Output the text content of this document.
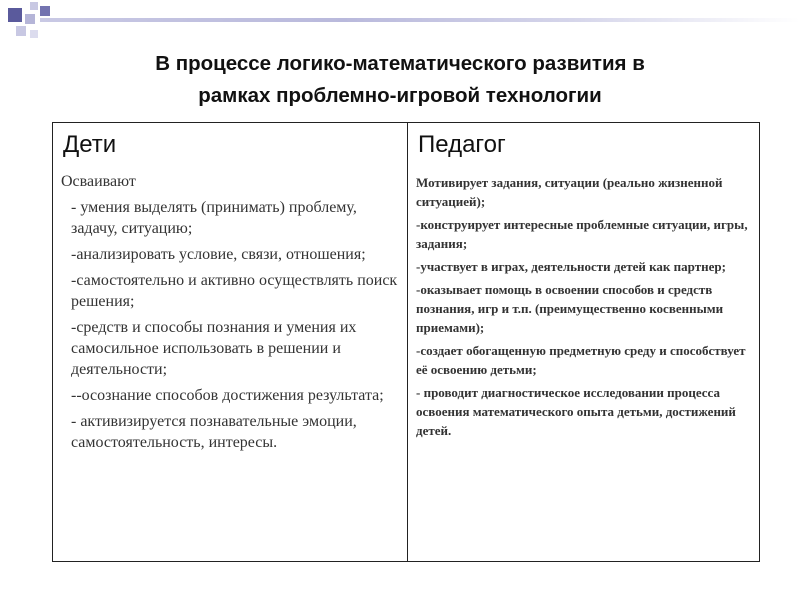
В процессе логико-математического развития в
рамках проблемно-игровой технологии
Дети
Осваивают
- умения выделять (принимать) проблему, задачу, ситуацию;
-анализировать условие, связи, отношения;
-самостоятельно и активно осуществлять поиск решения;
-средств и способы познания и умения их самосильное использовать в решении и деятельности;
--осознание способов достижения результата;
- активизируется познавательные эмоции, самостоятельность, интересы.
Педагог
Мотивирует задания, ситуации (реально жизненной ситуацией);
-конструирует интересные проблемные ситуации, игры, задания;
-участвует в играх, деятельности детей как партнер;
-оказывает помощь в освоении способов и средств познания, игр и т.п. (преимущественно косвенными приемами);
-создает обогащенную предметную среду и способствует её освоению детьми;
- проводит диагностическое исследовании процесса освоения математического опыта детьми, достижений детей.
